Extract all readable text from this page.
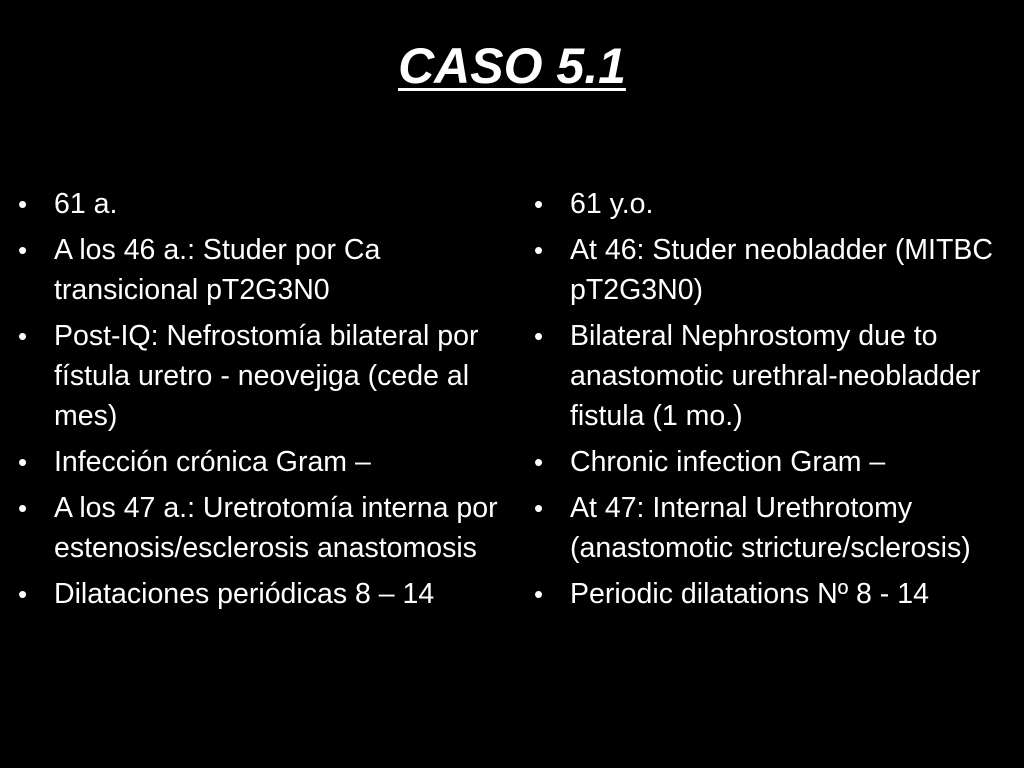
CASO 5.1
• 61 a.
• A los 46 a.: Studer por Ca transicional pT2G3N0
• Post-IQ: Nefrostomía bilateral por fístula uretro - neovejiga (cede al mes)
• Infección crónica Gram –
• A los 47 a.: Uretrotomía interna por estenosis/esclerosis anastomosis
• Dilataciones periódicas 8 – 14
• 61 y.o.
• At 46: Studer neobladder (MITBC pT2G3N0)
• Bilateral Nephrostomy due to anastomotic urethral-neobladder fistula (1 mo.)
• Chronic infection Gram –
• At 47: Internal Urethrotomy (anastomotic stricture/sclerosis)
• Periodic dilatations Nº 8 - 14
